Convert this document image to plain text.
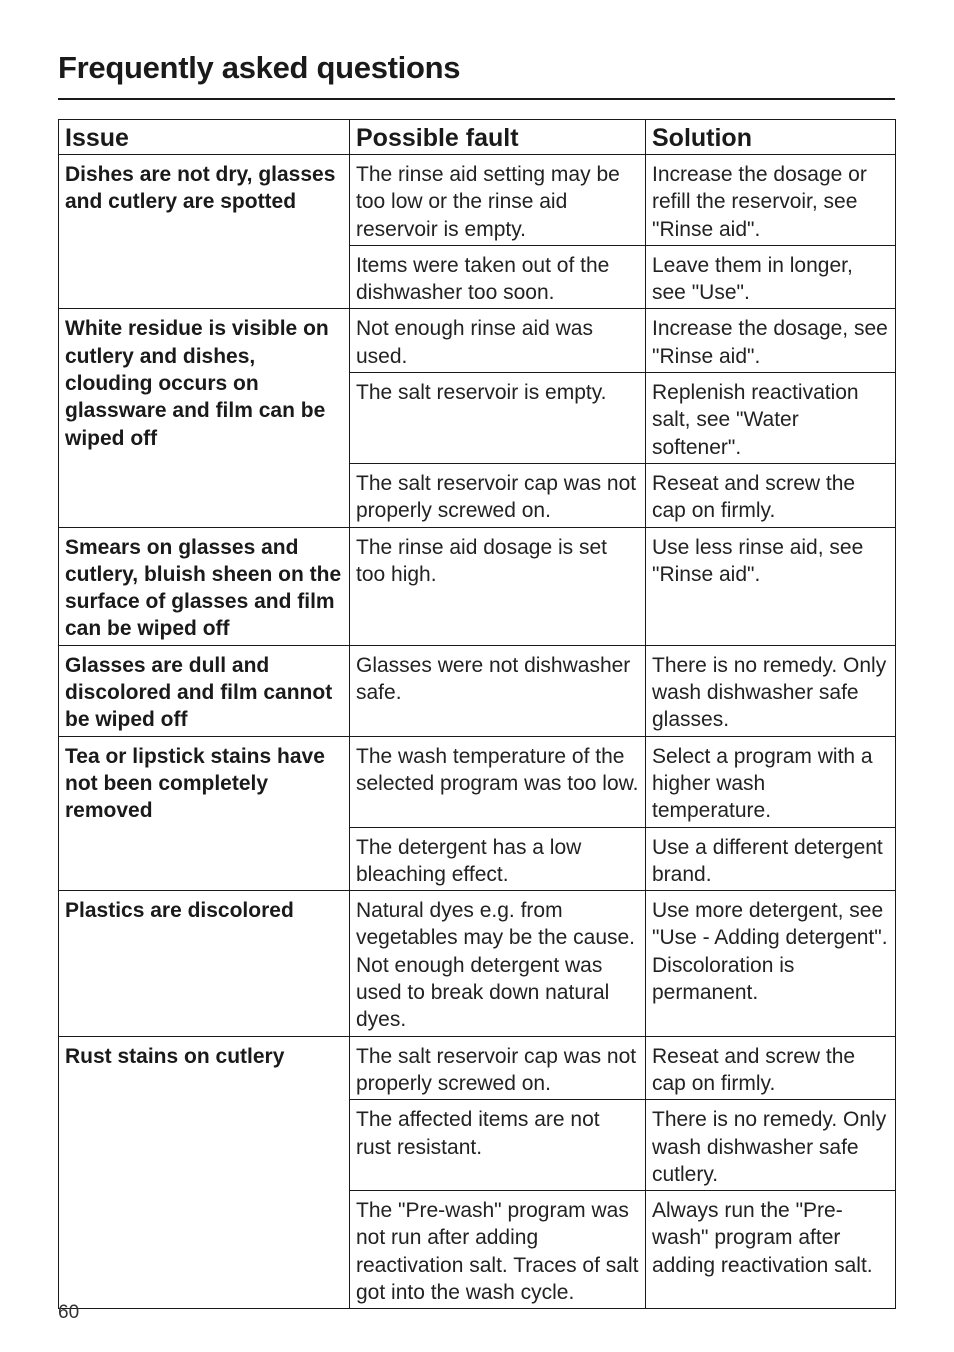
Frequently asked questions
Issue	Possible fault	Solution
Dishes are not dry, glasses and cutlery are spotted	The rinse aid setting may be too low or the rinse aid reservoir is empty.	Increase the dosage or refill the reservoir, see "Rinse aid".
	Items were taken out of the dishwasher too soon.	Leave them in longer, see "Use".
White residue is visible on cutlery and dishes, clouding occurs on glassware and film can be wiped off	Not enough rinse aid was used.	Increase the dosage, see "Rinse aid".
	The salt reservoir is empty.	Replenish reactivation salt, see "Water softener".
	The salt reservoir cap was not properly screwed on.	Reseat and screw the cap on firmly.
Smears on glasses and cutlery, bluish sheen on the surface of glasses and film can be wiped off	The rinse aid dosage is set too high.	Use less rinse aid, see "Rinse aid".
Glasses are dull and discolored and film cannot be wiped off	Glasses were not dishwasher safe.	There is no remedy. Only wash dishwasher safe glasses.
Tea or lipstick stains have not been completely removed	The wash temperature of the selected program was too low.	Select a program with a higher wash temperature.
	The detergent has a low bleaching effect.	Use a different detergent brand.
Plastics are discolored	Natural dyes e.g. from vegetables may be the cause. Not enough detergent was used to break down natural dyes.	Use more detergent, see "Use - Adding detergent". Discoloration is permanent.
Rust stains on cutlery	The salt reservoir cap was not properly screwed on.	Reseat and screw the cap on firmly.
	The affected items are not rust resistant.	There is no remedy. Only wash dishwasher safe cutlery.
	The "Pre-wash" program was not run after adding reactivation salt. Traces of salt got into the wash cycle.	Always run the "Pre-wash" program after adding reactivation salt.
60
